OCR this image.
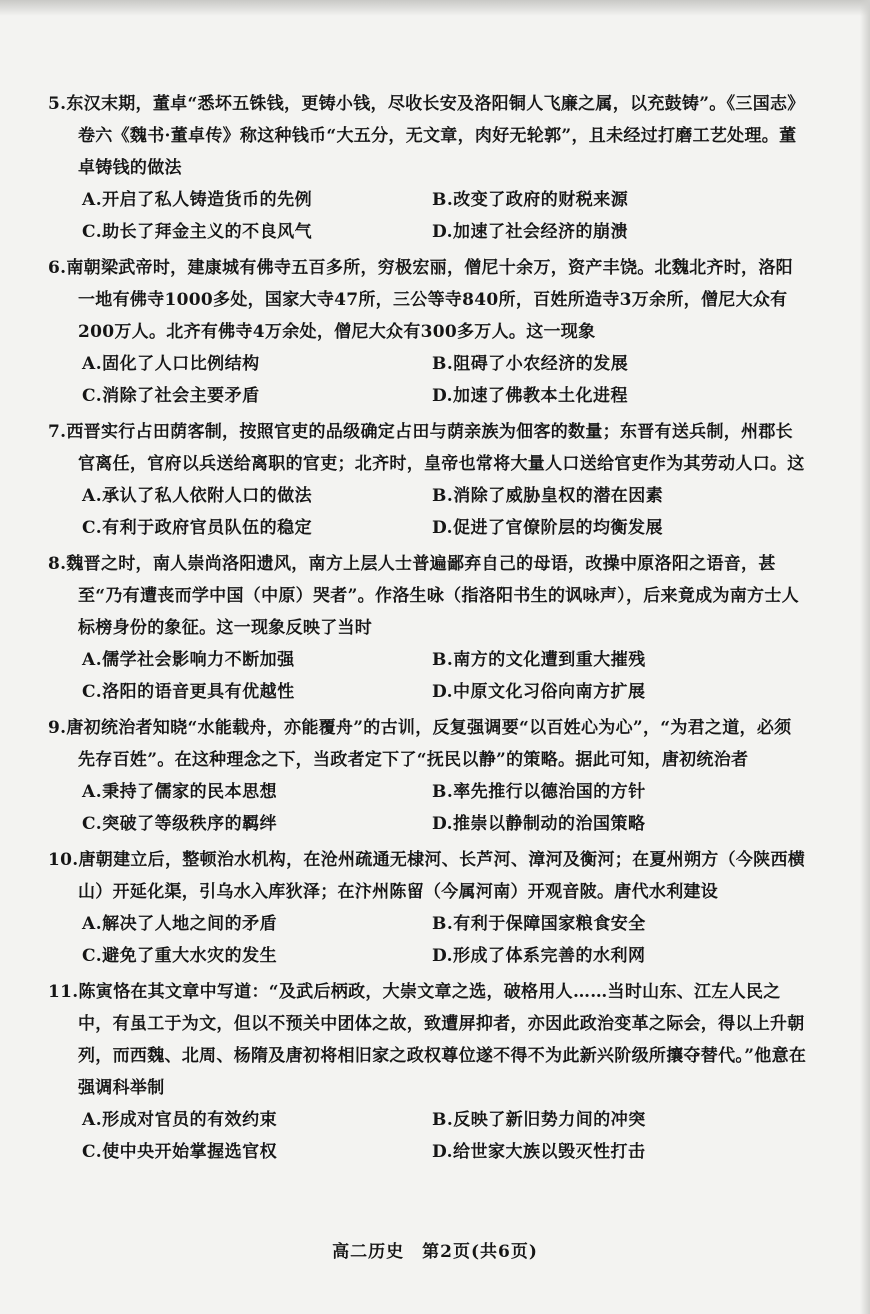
5.东汉末期，董卓“悉坏五铢钱，更铸小钱，尽收长安及洛阳铜人飞廉之属，以充鼓铸”。《三国志》卷六《魏书·董卓传》称这种钱币“大五分，无文章，肉好无轮郭”，且未经过打磨工艺处理。董卓铸钱的做法
A.开启了私人铸造货币的先例	B.改变了政府的财税来源
C.助长了拜金主义的不良风气	D.加速了社会经济的崩溃
6.南朝梁武帝时，建康城有佛寺五百多所，穷极宏丽，僧尼十余万，资产丰饶。北魏北齐时，洛阳一地有佛寺1000多处，国家大寺47所，三公等寺840所，百姓所造寺3万余所，僧尼大众有200万人。北齐有佛寺4万余处，僧尼大众有300多万人。这一现象
A.固化了人口比例结构	B.阻碍了小农经济的发展
C.消除了社会主要矛盾	D.加速了佛教本土化进程
7.西晋实行占田荫客制，按照官吏的品级确定占田与荫亲族为佃客的数量；东晋有送兵制，州郡长官离任，官府以兵送给离职的官吏；北齐时，皇帝也常将大量人口送给官吏作为其劳动人口。这
A.承认了私人依附人口的做法	B.消除了威胁皇权的潜在因素
C.有利于政府官员队伍的稳定	D.促进了官僚阶层的均衡发展
8.魏晋之时，南人崇尚洛阳遗风，南方上层人士普遍鄙弃自己的母语，改操中原洛阳之语音，甚至“乃有遭丧而学中国（中原）哭者”。作洛生咏（指洛阳书生的讽咏声），后来竟成为南方士人标榜身份的象征。这一现象反映了当时
A.儒学社会影响力不断加强	B.南方的文化遭到重大摧残
C.洛阳的语音更具有优越性	D.中原文化习俗向南方扩展
9.唐初统治者知晓“水能载舟，亦能覆舟”的古训，反复强调要“以百姓心为心”，“为君之道，必须先存百姓”。在这种理念之下，当政者定下了“抚民以静”的策略。据此可知，唐初统治者
A.秉持了儒家的民本思想	B.率先推行以德治国的方针
C.突破了等级秩序的羁绊	D.推崇以静制动的治国策略
10.唐朝建立后，整顿治水机构，在沧州疏通无棣河、长芦河、漳河及衡河；在夏州朔方（今陕西横山）开延化渠，引乌水入库狄泽；在汴州陈留（今属河南）开观音陂。唐代水利建设
A.解决了人地之间的矛盾	B.有利于保障国家粮食安全
C.避免了重大水灾的发生	D.形成了体系完善的水利网
11.陈寅恪在其文章中写道：“及武后柄政，大崇文章之选，破格用人……当时山东、江左人民之中，有虽工于为文，但以不预关中团体之故，致遭屏抑者，亦因此政治变革之际会，得以上升朝列，而西魏、北周、杨隋及唐初将相旧家之政权尊位遂不得不为此新兴阶级所攘夺替代。”他意在强调科举制
A.形成对官员的有效约束	B.反映了新旧势力间的冲突
C.使中央开始掌握选官权	D.给世家大族以毁灭性打击
高二历史　第2页(共6页)
